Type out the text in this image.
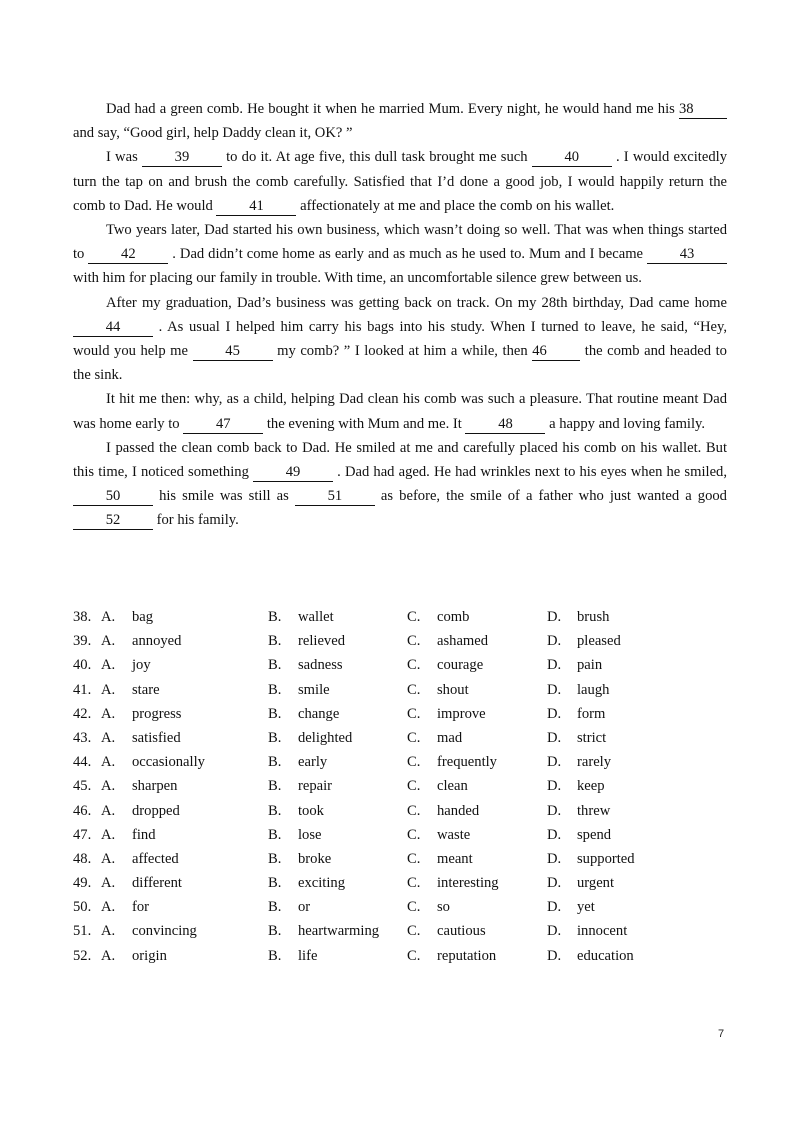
Dad had a green comb. He bought it when he married Mum. Every night, he would hand me his 38 and say, “Good girl, help Daddy clean it, OK? ”

I was 39 to do it. At age five, this dull task brought me such 40 . I would excitedly turn the tap on and brush the comb carefully. Satisfied that I’d done a good job, I would happily return the comb to Dad. He would 41 affectionately at me and place the comb on his wallet.

Two years later, Dad started his own business, which wasn’t doing so well. That was when things started to 42 . Dad didn’t come home as early and as much as he used to. Mum and I became 43 with him for placing our family in trouble. With time, an uncomfortable silence grew between us.

After my graduation, Dad’s business was getting back on track. On my 28th birthday, Dad came home 44 . As usual I helped him carry his bags into his study. When I turned to leave, he said, “Hey, would you help me 45 my comb? ” I looked at him a while, then 46 the comb and headed to the sink.

It hit me then: why, as a child, helping Dad clean his comb was such a pleasure. That routine meant Dad was home early to 47 the evening with Mum and me. It 48 a happy and loving family.

I passed the clean comb back to Dad. He smiled at me and carefully placed his comb on his wallet. But this time, I noticed something 49 . Dad had aged. He had wrinkles next to his eyes when he smiled, 50 his smile was still as 51 as before, the smile of a father who just wanted a good 52 for his family.

38. A.	bag	B.	wallet	C.	comb	D.	brush
39. A.	annoyed	B.	relieved	C.	ashamed	D.	pleased
40. A.	joy	B.	sadness	C.	courage	D.	pain
41. A.	stare	B.	smile	C.	shout	D.	laugh
42. A.	progress	B.	change	C.	improve	D.	form
43. A.	satisfied	B.	delighted	C.	mad	D.	strict
44. A.	occasionally	B.	early	C.	frequently	D.	rarely
45. A.	sharpen	B.	repair	C.	clean	D.	keep
46. A.	dropped	B.	took	C.	handed	D.	threw
47. A.	find	B.	lose	C.	waste	D.	spend
48. A.	affected	B.	broke	C.	meant	D.	supported
49. A.	different	B.	exciting	C.	interesting	D.	urgent
50. A.	for	B.	or	C.	so	D.	yet
51. A.	convincing	B.	heartwarming C.	cautious	D.	innocent
52. A.	origin	B.	life	C.	reputation	D.	education
7
